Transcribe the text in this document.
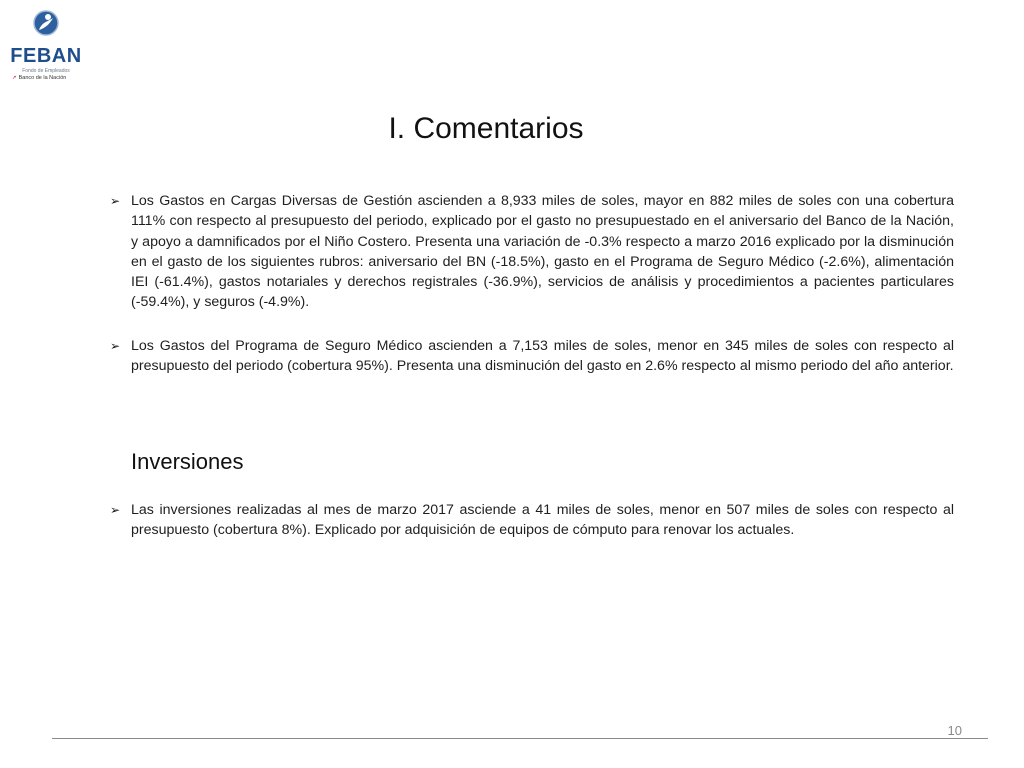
FEBAN
Fondo de Empleados
➚ Banco de la Nación
I. Comentarios
➢ Los Gastos en Cargas Diversas de Gestión ascienden a 8,933 miles de soles, mayor en 882 miles de soles con una cobertura 111% con respecto al presupuesto del periodo, explicado por el gasto no presupuestado en el aniversario del Banco de la Nación, y apoyo a damnificados por el Niño Costero. Presenta una variación de -0.3% respecto a marzo 2016 explicado por la disminución en el gasto de los siguientes rubros: aniversario del BN (-18.5%), gasto en el Programa de Seguro Médico (-2.6%), alimentación IEI (-61.4%), gastos notariales y derechos registrales (-36.9%), servicios de análisis y procedimientos a pacientes particulares (-59.4%), y seguros (-4.9%).
➢ Los Gastos del Programa de Seguro Médico ascienden a 7,153 miles de soles, menor en 345 miles de soles con respecto al presupuesto del periodo (cobertura 95%). Presenta una disminución del gasto en 2.6% respecto al mismo periodo del año anterior.
Inversiones
➢ Las inversiones realizadas al mes de marzo 2017 asciende a 41 miles de soles, menor en 507 miles de soles con respecto al presupuesto (cobertura 8%). Explicado por adquisición de equipos de cómputo para renovar los actuales.
10
